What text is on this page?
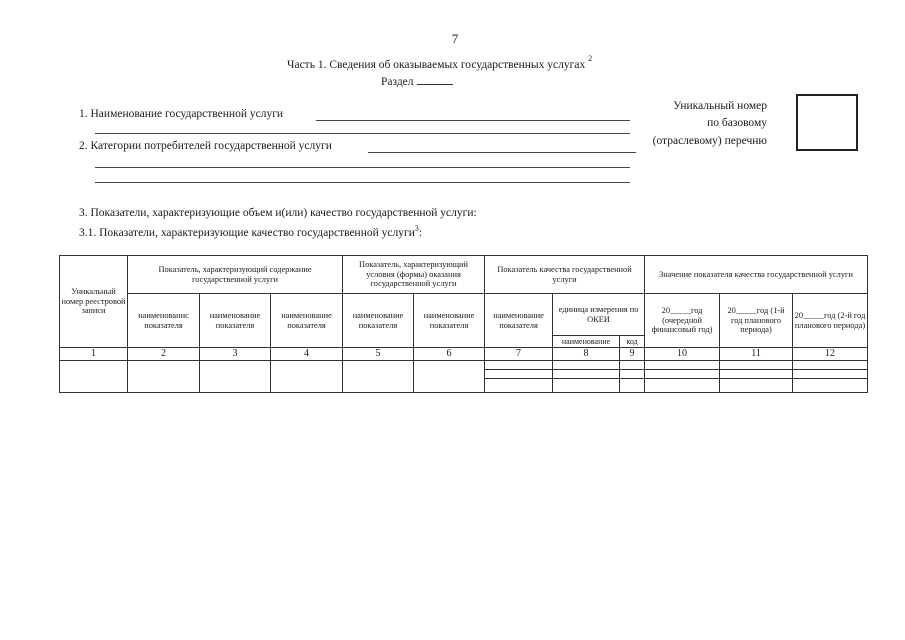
7
Часть 1. Сведения об оказываемых государственных услугах $^2$
Раздел
1. Наименование государственной услуги
2. Категории потребителей государственной услуги
Уникальный номер
по базовому
(отраслевому) перечню
3. Показатели, характеризующие объем и(или) качество государственной услуги:
3.1. Показатели, характеризующие качество государственной услуги$^3$:
Уникальный номер реестровой записи	Показатель, характеризующий содержание государственной услуги			Показатель, характеризующий условия (формы) оказания государственной услуги		Показатель качества государственной услуги			Значение показателя качества государственной услуги		
	наименованис показателя	наименование показателя	наименование показателя	наименование показателя	наименование показателя	наименование показателя	единица измерения по ОКЕИ		20_____год (очередной финансовый год)	20_____год (1-й год планового периода)	20_____год (2-й год планового периода)
							наименование	код			
1	2	3	4	5	6	7	8	9	10	11	12
